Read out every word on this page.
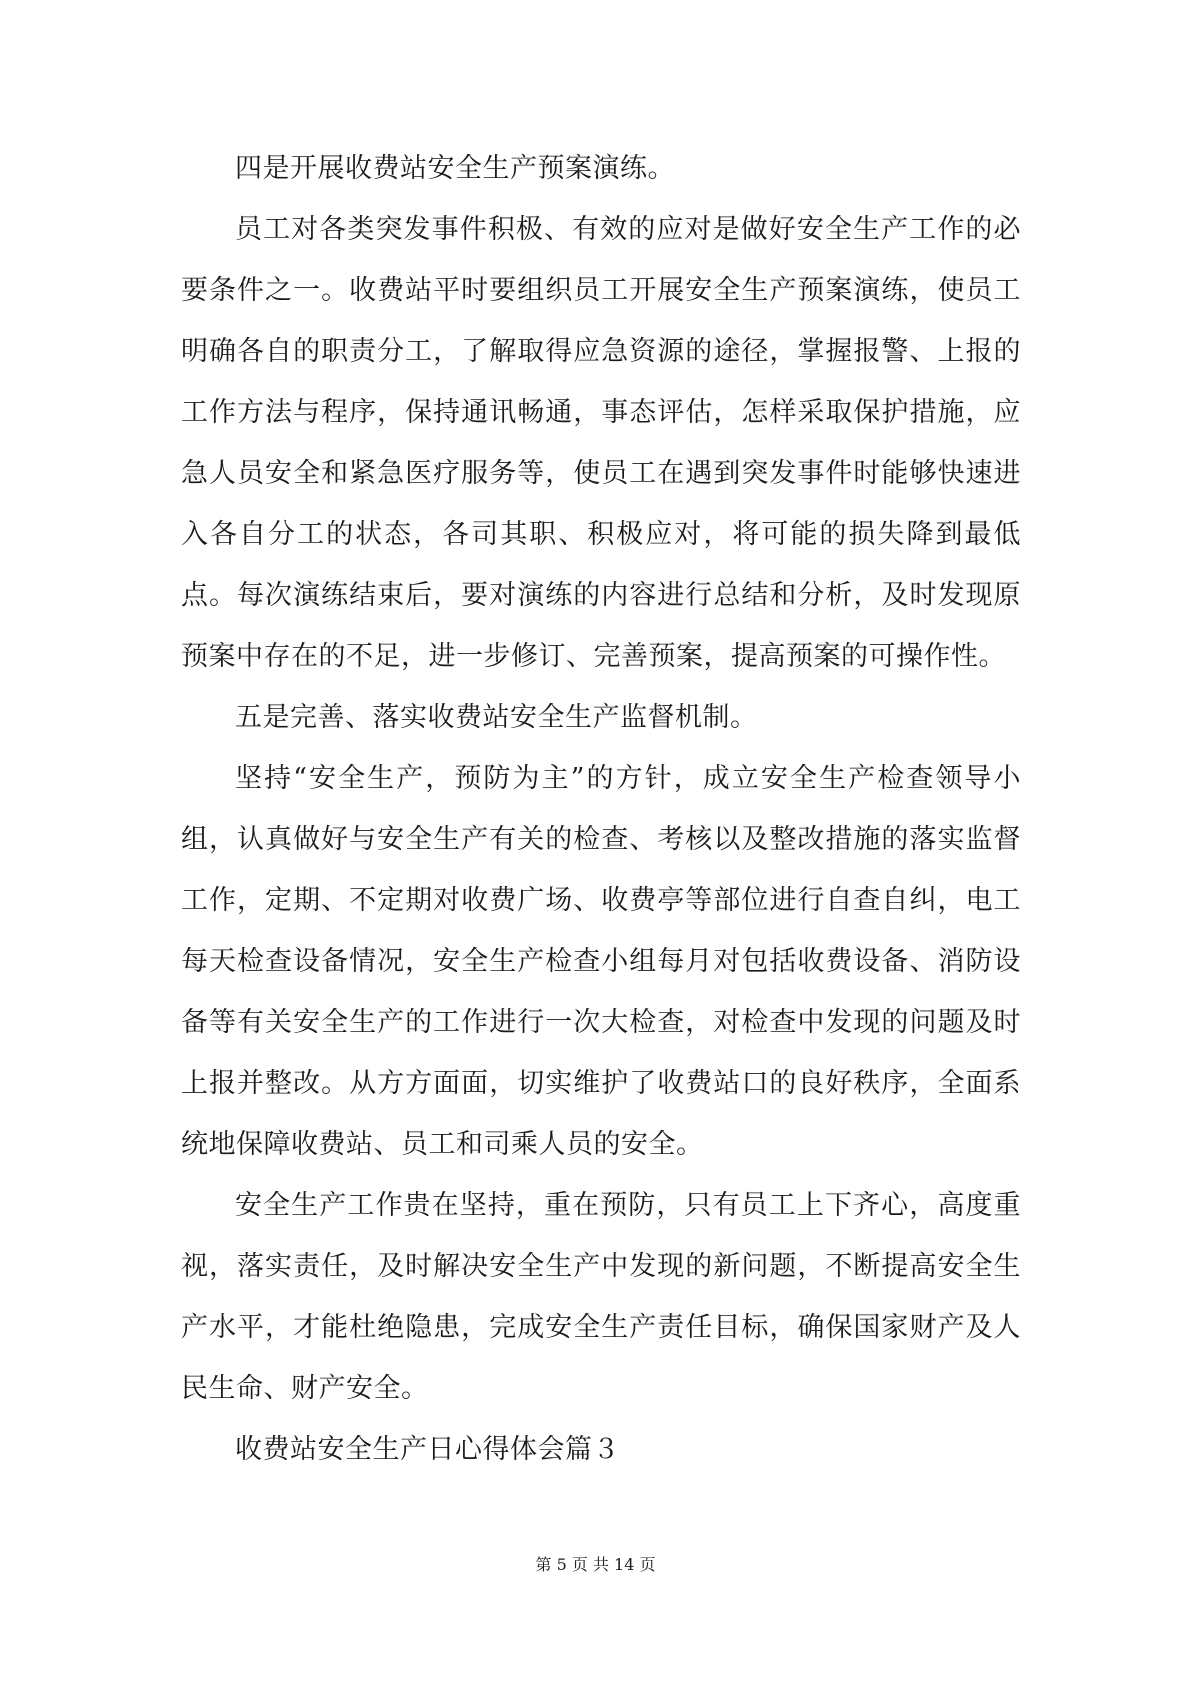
四是开展收费站安全生产预案演练。

员工对各类突发事件积极、有效的应对是做好安全生产工作的必要条件之一。收费站平时要组织员工开展安全生产预案演练，使员工明确各自的职责分工，了解取得应急资源的途径，掌握报警、上报的工作方法与程序，保持通讯畅通，事态评估，怎样采取保护措施，应急人员安全和紧急医疗服务等，使员工在遇到突发事件时能够快速进入各自分工的状态，各司其职、积极应对，将可能的损失降到最低点。每次演练结束后，要对演练的内容进行总结和分析，及时发现原预案中存在的不足，进一步修订、完善预案，提高预案的可操作性。

五是完善、落实收费站安全生产监督机制。

坚持“安全生产，预防为主”的方针，成立安全生产检查领导小组，认真做好与安全生产有关的检查、考核以及整改措施的落实监督工作，定期、不定期对收费广场、收费亭等部位进行自查自纠，电工每天检查设备情况，安全生产检查小组每月对包括收费设备、消防设备等有关安全生产的工作进行一次大检查，对检查中发现的问题及时上报并整改。从方方面面，切实维护了收费站口的良好秩序，全面系统地保障收费站、员工和司乘人员的安全。

安全生产工作贵在坚持，重在预防，只有员工上下齐心，高度重视，落实责任，及时解决安全生产中发现的新问题，不断提高安全生产水平，才能杜绝隐患，完成安全生产责任目标，确保国家财产及人民生命、财产安全。

收费站安全生产日心得体会篇３

第 5 页 共 14 页
